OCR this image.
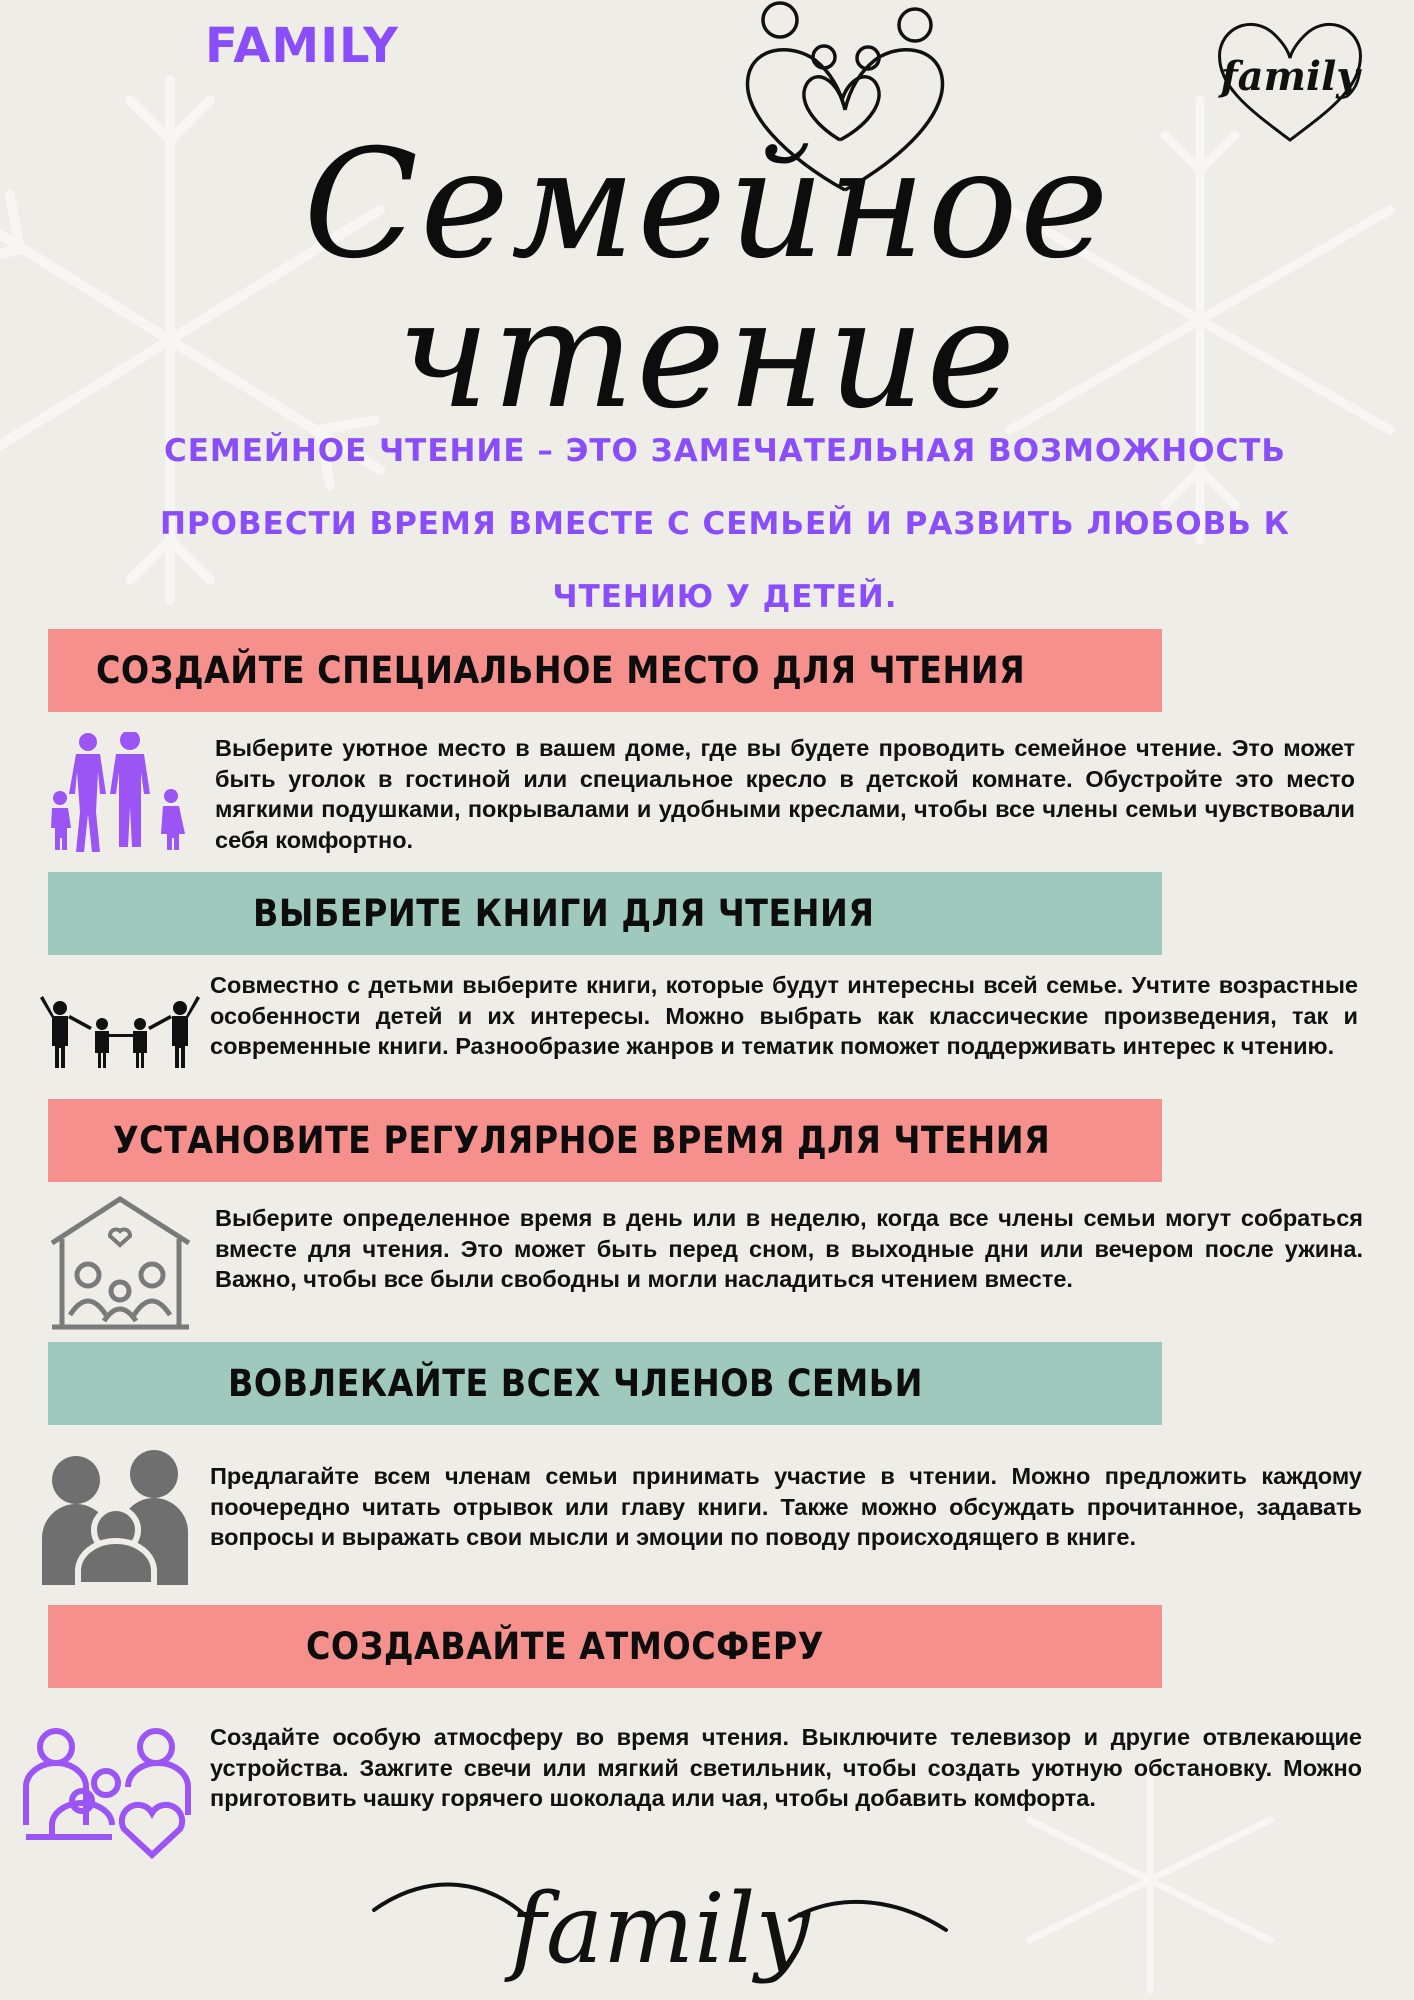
FAMILY
family
Семейное чтение
СЕМЕЙНОЕ ЧТЕНИЕ – ЭТО ЗАМЕЧАТЕЛЬНАЯ ВОЗМОЖНОСТЬ ПРОВЕСТИ ВРЕМЯ ВМЕСТЕ С СЕМЬЕЙ И РАЗВИТЬ ЛЮБОВЬ К ЧТЕНИЮ У ДЕТЕЙ.
СОЗДАЙТЕ СПЕЦИАЛЬНОЕ МЕСТО ДЛЯ ЧТЕНИЯ
Выберите уютное место в вашем доме, где вы будете проводить семейное чтение. Это может быть уголок в гостиной или специальное кресло в детской комнате. Обустройте это место мягкими подушками, покрывалами и удобными креслами, чтобы все члены семьи чувствовали себя комфортно.
ВЫБЕРИТЕ КНИГИ ДЛЯ ЧТЕНИЯ
Совместно с детьми выберите книги, которые будут интересны всей семье. Учтите возрастные особенности детей и их интересы. Можно выбрать как классические произведения, так и современные книги. Разнообразие жанров и тематик поможет поддерживать интерес к чтению.
УСТАНОВИТЕ РЕГУЛЯРНОЕ ВРЕМЯ ДЛЯ ЧТЕНИЯ
Выберите определенное время в день или в неделю, когда все члены семьи могут собраться вместе для чтения. Это может быть перед сном, в выходные дни или вечером после ужина. Важно, чтобы все были свободны и могли насладиться чтением вместе.
ВОВЛЕКАЙТЕ ВСЕХ ЧЛЕНОВ СЕМЬИ
Предлагайте всем членам семьи принимать участие в чтении. Можно предложить каждому поочередно читать отрывок или главу книги. Также можно обсуждать прочитанное, задавать вопросы и выражать свои мысли и эмоции по поводу происходящего в книге.
СОЗДАВАЙТЕ АТМОСФЕРУ
Создайте особую атмосферу во время чтения. Выключите телевизор и другие отвлекающие устройства. Зажгите свечи или мягкий светильник, чтобы создать уютную обстановку. Можно приготовить чашку горячего шоколада или чая, чтобы добавить комфорта.
family
